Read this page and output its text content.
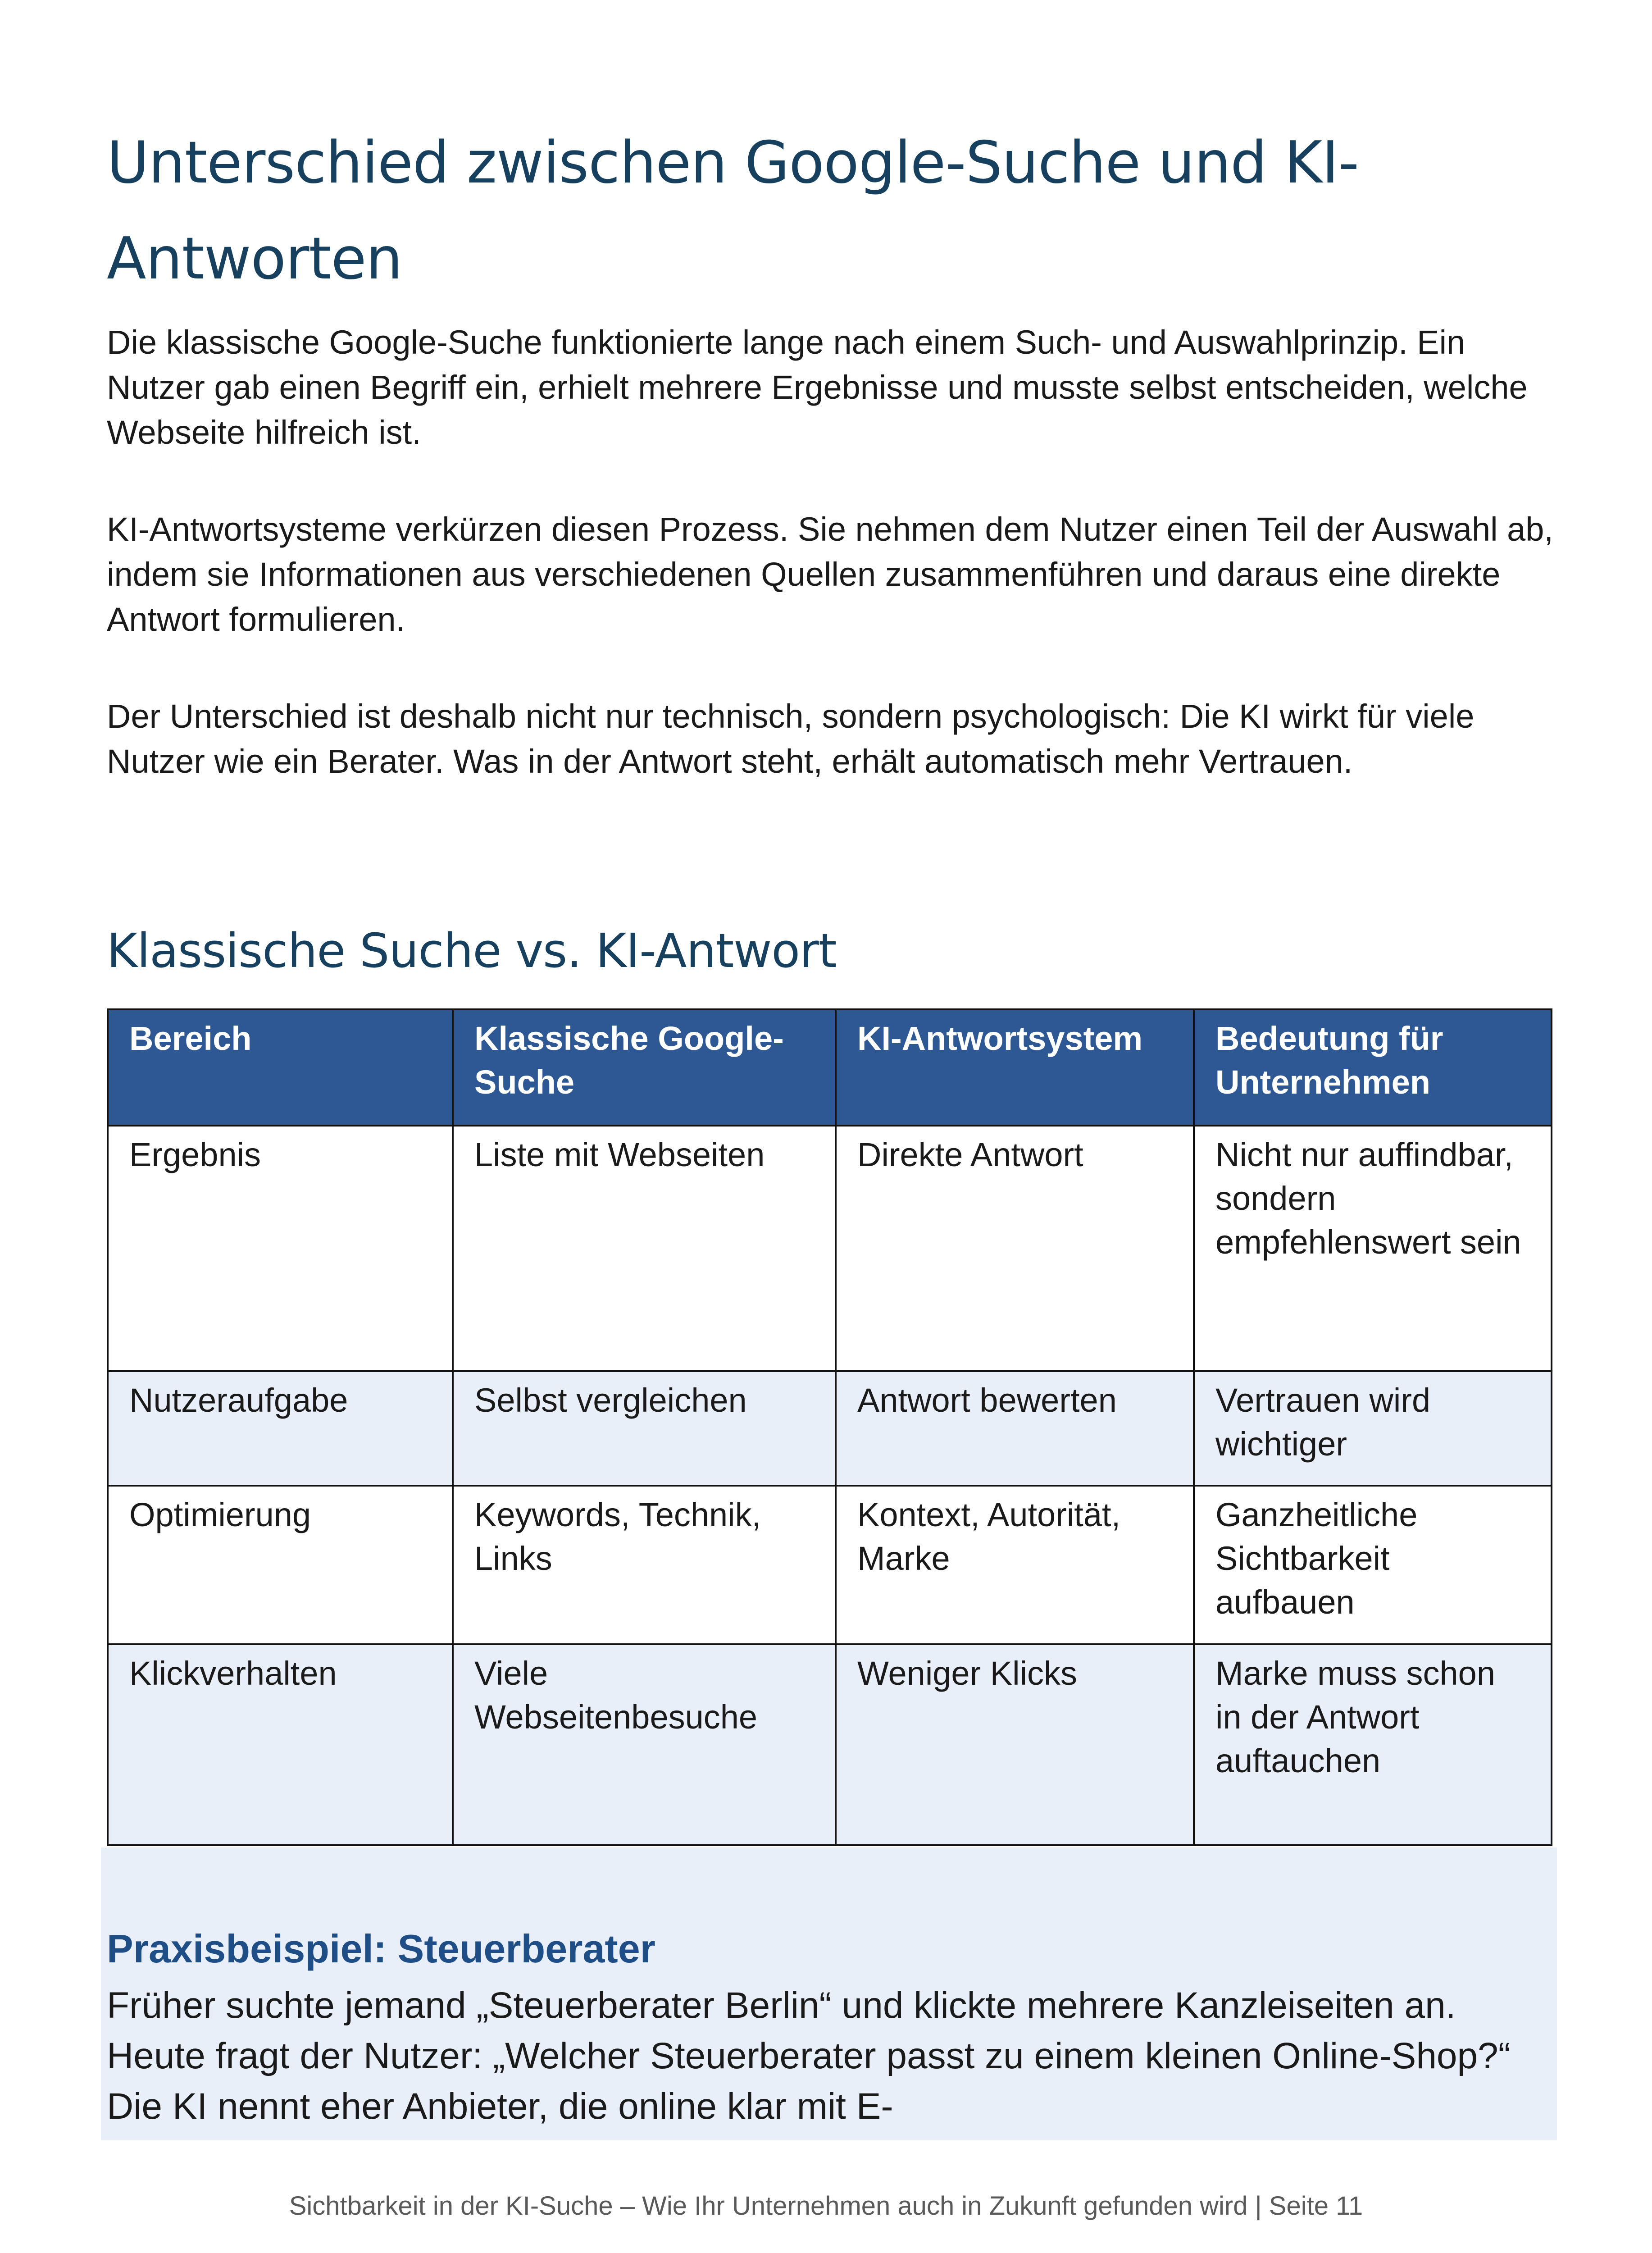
Unterschied zwischen Google-Suche und KI-Antworten

Die klassische Google-Suche funktionierte lange nach einem Such- und Auswahlprinzip. Ein Nutzer gab einen Begriff ein, erhielt mehrere Ergebnisse und musste selbst entscheiden, welche Webseite hilfreich ist.

KI-Antwortsysteme verkürzen diesen Prozess. Sie nehmen dem Nutzer einen Teil der Auswahl ab, indem sie Informationen aus verschiedenen Quellen zusammenführen und daraus eine direkte Antwort formulieren.

Der Unterschied ist deshalb nicht nur technisch, sondern psychologisch: Die KI wirkt für viele Nutzer wie ein Berater. Was in der Antwort steht, erhält automatisch mehr Vertrauen.

Klassische Suche vs. KI-Antwort
Bereich	Klassische Google-Suche	KI-Antwortsystem	Bedeutung für Unternehmen
Ergebnis	Liste mit Webseiten	Direkte Antwort	Nicht nur auffindbar, sondern empfehlenswert sein
Nutzeraufgabe	Selbst vergleichen	Antwort bewerten	Vertrauen wird wichtiger
Optimierung	Keywords, Technik, Links	Kontext, Autorität, Marke	Ganzheitliche Sichtbarkeit aufbauen
Klickverhalten	Viele Webseitenbesuche	Weniger Klicks	Marke muss schon in der Antwort auftauchen

Praxisbeispiel: Steuerberater

Früher suchte jemand „Steuerberater Berlin“ und klickte mehrere Kanzleiseiten an. Heute fragt der Nutzer: „Welcher Steuerberater passt zu einem kleinen Online-Shop?“ Die KI nennt eher Anbieter, die online klar mit E-

Sichtbarkeit in der KI-Suche – Wie Ihr Unternehmen auch in Zukunft gefunden wird | Seite 11
